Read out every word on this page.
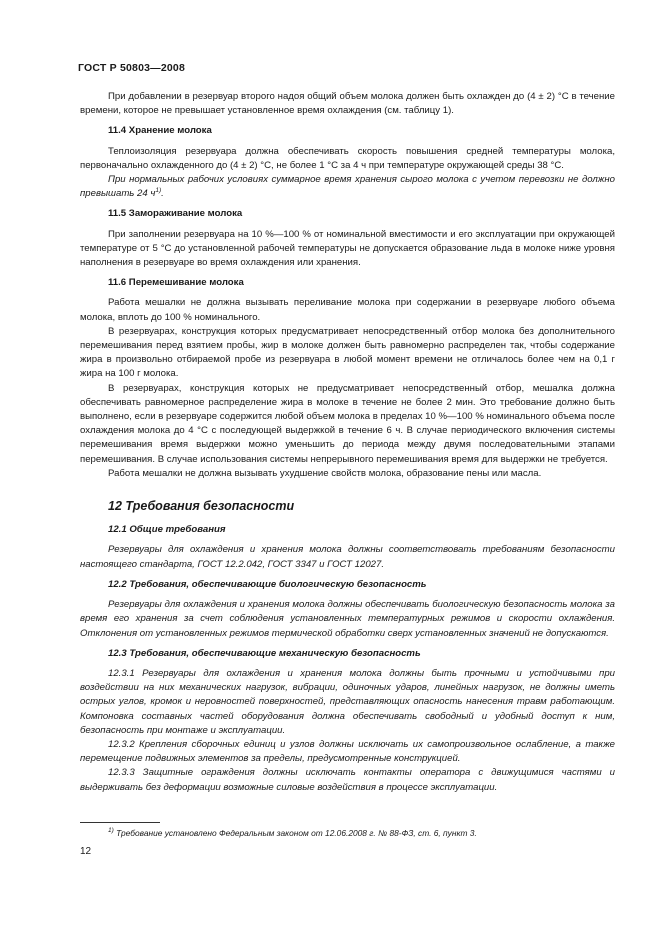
ГОСТ Р 50803—2008

При добавлении в резервуар второго надоя общий объем молока должен быть охлажден до (4 ± 2) °C в течение времени, которое не превышает установленное время охлаждения (см. таблицу 1).

11.4 Хранение молока

Теплоизоляция резервуара должна обеспечивать скорость повышения средней температуры молока, первоначально охлажденного до (4 ± 2) °C, не более 1 °C за 4 ч при температуре окружающей среды 38 °C.

При нормальных рабочих условиях суммарное время хранения сырого молока с учетом перевозки не должно превышать 24 $ч^{1)}$.

11.5 Замораживание молока

При заполнении резервуара на 10 %—100 % от номинальной вместимости и его эксплуатации при окружающей температуре от 5 °C до установленной рабочей температуры не допускается образование льда в молоке ниже уровня наполнения в резервуаре во время охлаждения или хранения.

11.6 Перемешивание молока

Работа мешалки не должна вызывать переливание молока при содержании в резервуаре любого объема молока, вплоть до 100 % номинального.

В резервуарах, конструкция которых предусматривает непосредственный отбор молока без дополнительного перемешивания перед взятием пробы, жир в молоке должен быть равномерно распределен так, чтобы содержание жира в произвольно отбираемой пробе из резервуара в любой момент времени не отличалось более чем на 0,1 г жира на 100 г молока.

В резервуарах, конструкция которых не предусматривает непосредственный отбор, мешалка должна обеспечивать равномерное распределение жира в молоке в течение не более 2 мин. Это требование должно быть выполнено, если в резервуаре содержится любой объем молока в пределах 10 %—100 % номинального объема после охлаждения молока до 4 °C с последующей выдержкой в течение 6 ч. В случае периодического включения системы перемешивания время выдержки можно уменьшить до периода между двумя последовательными этапами перемешивания. В случае использования системы непрерывного перемешивания время для выдержки не требуется.

Работа мешалки не должна вызывать ухудшение свойств молока, образование пены или масла.

12 Требования безопасности

12.1 Общие требования

Резервуары для охлаждения и хранения молока должны соответствовать требованиям безопасности настоящего стандарта, ГОСТ 12.2.042, ГОСТ 3347 и ГОСТ 12027.

12.2 Требования, обеспечивающие биологическую безопасность

Резервуары для охлаждения и хранения молока должны обеспечивать биологическую безопасность молока за время его хранения за счет соблюдения установленных температурных режимов и скорости охлаждения. Отклонения от установленных режимов термической обработки сверх установленных значений не допускаются.

12.3 Требования, обеспечивающие механическую безопасность

12.3.1 Резервуары для охлаждения и хранения молока должны быть прочными и устойчивыми при воздействии на них механических нагрузок, вибрации, одиночных ударов, линейных нагрузок, не должны иметь острых углов, кромок и неровностей поверхностей, представляющих опасность нанесения травм работающим. Компоновка составных частей оборудования должна обеспечивать свободный и удобный доступ к ним, безопасность при монтаже и эксплуатации.

12.3.2 Крепления сборочных единиц и узлов должны исключать их самопроизвольное ослабление, а также перемещение подвижных элементов за пределы, предусмотренные конструкцией.

12.3.3 Защитные ограждения должны исключать контакты оператора с движущимися частями и выдерживать без деформации возможные силовые воздействия в процессе эксплуатации.

$^{1)}$ Требование установлено Федеральным законом от 12.06.2008 г. № 88-ФЗ, ст. 6, пункт 3.
12
